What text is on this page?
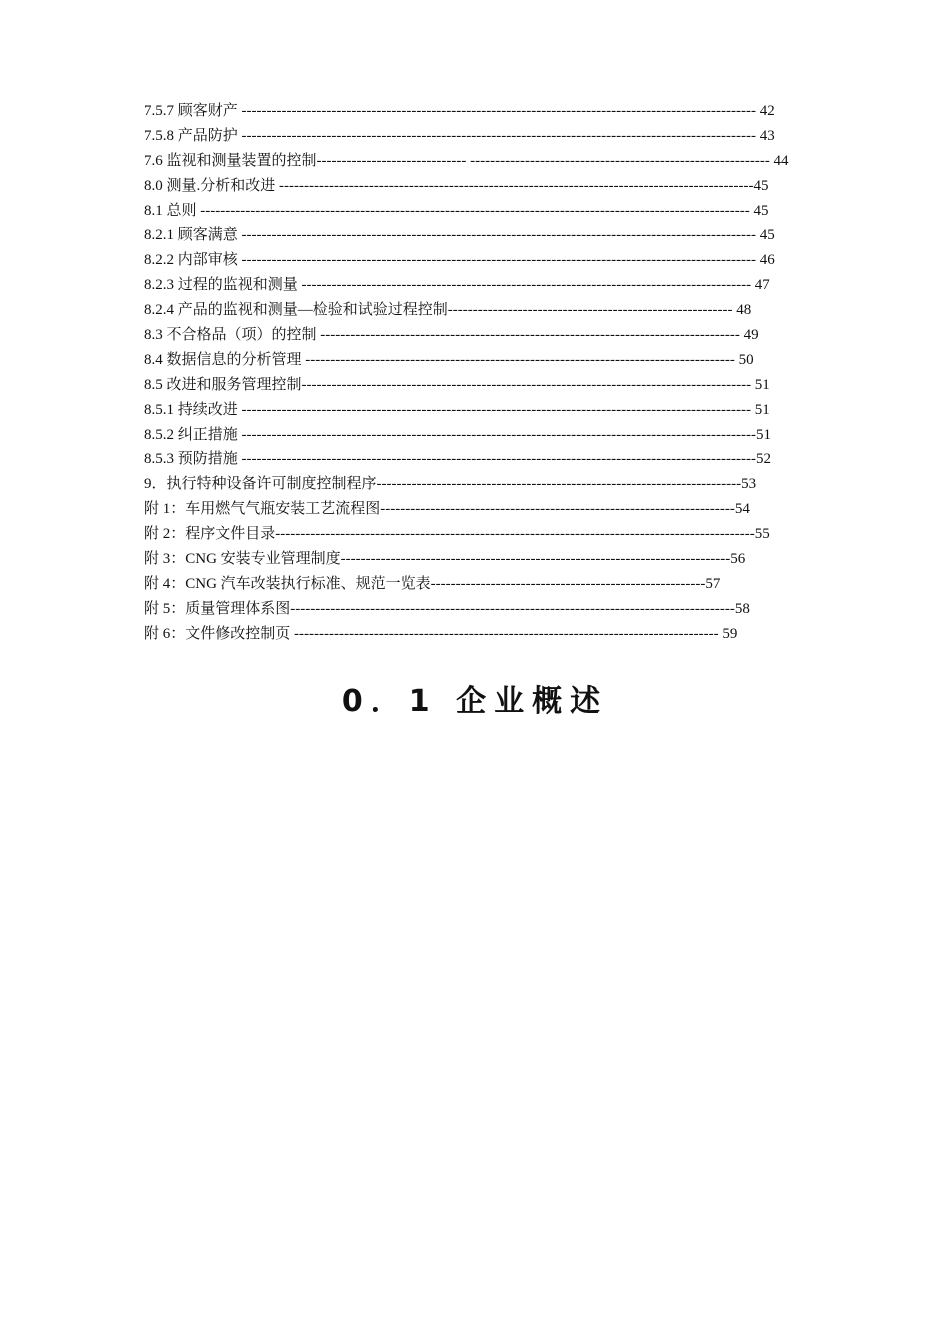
7.5.7 顾客财产 ------------------------------------------------------------------------------------------------------- 42
7.5.8 产品防护 ------------------------------------------------------------------------------------------------------- 43
7.6 监视和测量装置的控制------------------------------ ------------------------------------------------------------ 44
8.0 测量.分析和改进 -----------------------------------------------------------------------------------------------45
8.1 总则 -------------------------------------------------------------------------------------------------------------- 45
8.2.1 顾客满意 ------------------------------------------------------------------------------------------------------- 45
8.2.2 内部审核 ------------------------------------------------------------------------------------------------------- 46
8.2.3 过程的监视和测量 ------------------------------------------------------------------------------------------ 47
8.2.4 产品的监视和测量—检验和试验过程控制--------------------------------------------------------- 48
8.3 不合格品（项）的控制 ------------------------------------------------------------------------------------ 49
8.4 数据信息的分析管理 -------------------------------------------------------------------------------------- 50
8.5 改进和服务管理控制------------------------------------------------------------------------------------------ 51
8.5.1 持续改进 ------------------------------------------------------------------------------------------------------ 51
8.5.2 纠正措施 -------------------------------------------------------------------------------------------------------51
8.5.3 预防措施 -------------------------------------------------------------------------------------------------------52
9．执行特种设备许可制度控制程序-------------------------------------------------------------------------53
附 1：车用燃气气瓶安装工艺流程图-----------------------------------------------------------------------54
附 2：程序文件目录------------------------------------------------------------------------------------------------55
附 3：CNG 安装专业管理制度------------------------------------------------------------------------------56
附 4：CNG 汽车改装执行标准、规范一览表-------------------------------------------------------57
附 5：质量管理体系图-----------------------------------------------------------------------------------------58
附 6：文件修改控制页 ------------------------------------------------------------------------------------- 59
0．1 企业概述
